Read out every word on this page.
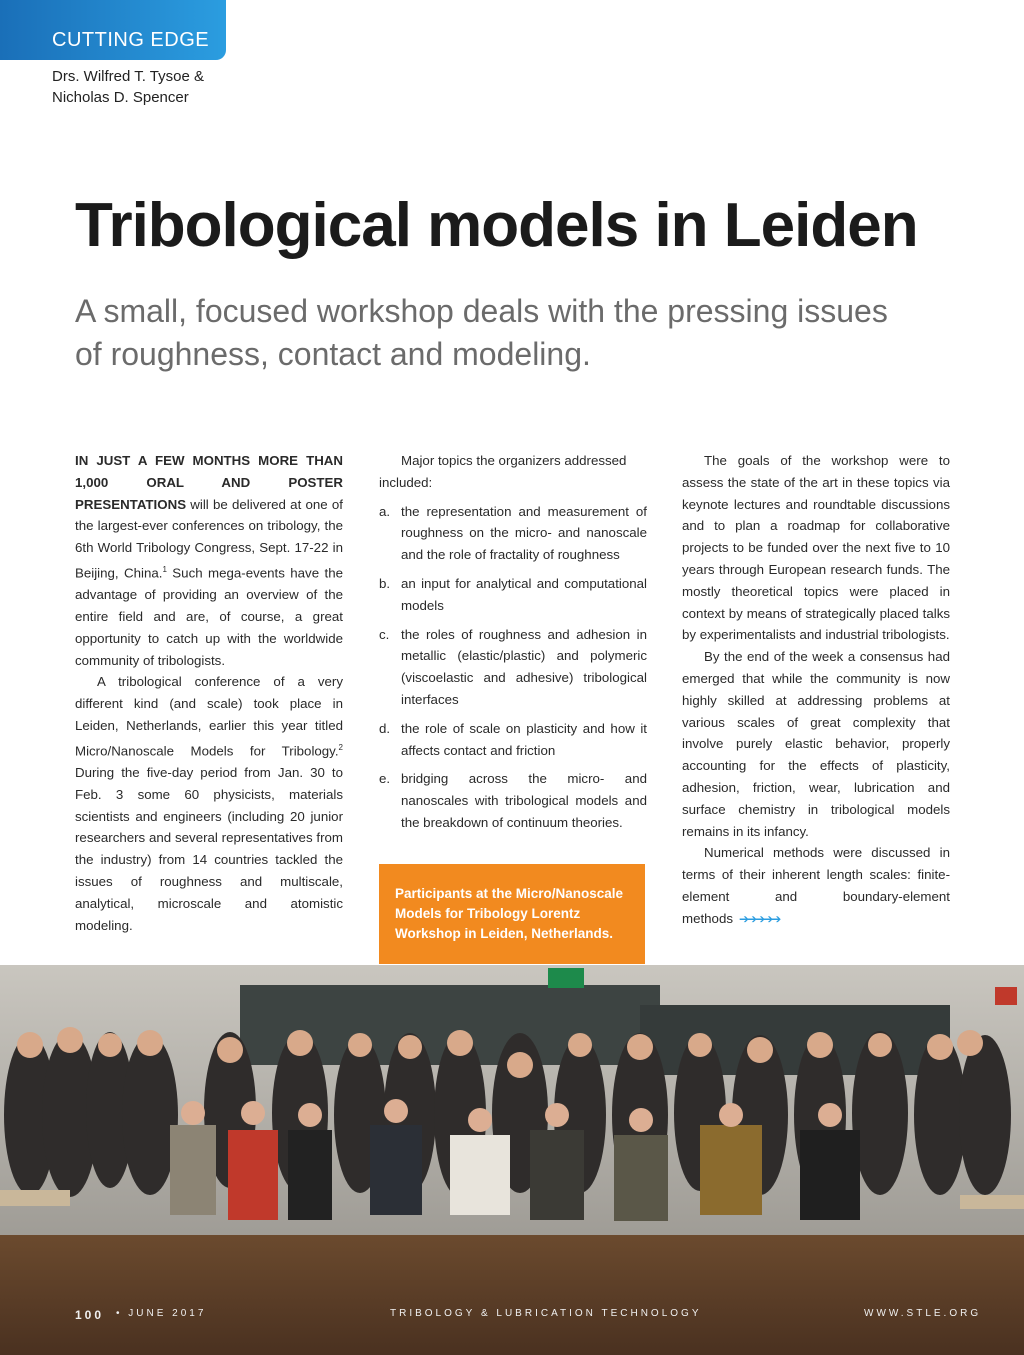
CUTTING EDGE
Drs. Wilfred T. Tysoe &
Nicholas D. Spencer
Tribological models in Leiden

A small, focused workshop deals with the pressing issues of roughness, contact and modeling.

IN JUST A FEW MONTHS MORE THAN 1,000 ORAL AND POSTER PRESENTATIONS will be delivered at one of the largest-ever conferences on tribology, the 6th World Tribology Congress, Sept. 17-22 in Beijing, China.$^1$ Such mega-events have the advantage of providing an overview of the entire field and are, of course, a great opportunity to catch up with the worldwide community of tribologists.

A tribological conference of a very different kind (and scale) took place in Leiden, Netherlands, earlier this year titled Micro/Nanoscale Models for Tribology.$^2$ During the five-day period from Jan. 30 to Feb. 3 some 60 physicists, materials scientists and engineers (including 20 junior researchers and several representatives from the industry) from 14 countries tackled the issues of roughness and multiscale, analytical, microscale and atomistic modeling.

Major topics the organizers addressed included:

a. the representation and measurement of roughness on the micro- and nanoscale and the role of fractality of roughness
b. an input for analytical and computational models
c. the roles of roughness and adhesion in metallic (elastic/plastic) and polymeric (viscoelastic and adhesive) tribological interfaces
d. the role of scale on plasticity and how it affects contact and friction
e. bridging across the micro- and nanoscales with tribological models and the breakdown of continuum theories.

The goals of the workshop were to assess the state of the art in these topics via keynote lectures and roundtable discussions and to plan a roadmap for collaborative projects to be funded over the next five to 10 years through European research funds. The mostly theoretical topics were placed in context by means of strategically placed talks by experimentalists and industrial tribologists.

By the end of the week a consensus had emerged that while the community is now highly skilled at addressing problems at various scales of great complexity that involve purely elastic behavior, properly accounting for the effects of plasticity, adhesion, friction, wear, lubrication and surface chemistry in tribological models remains in its infancy.

Numerical methods were discussed in terms of their inherent length scales: finite-element and boundary-element methods ➔➔➔➔➔

Participants at the Micro/Nanoscale Models for Tribology Lorentz Workshop in Leiden, Netherlands.
100 • JUNE 2017	TRIBOLOGY & LUBRICATION TECHNOLOGY	WWW.STLE.ORG
